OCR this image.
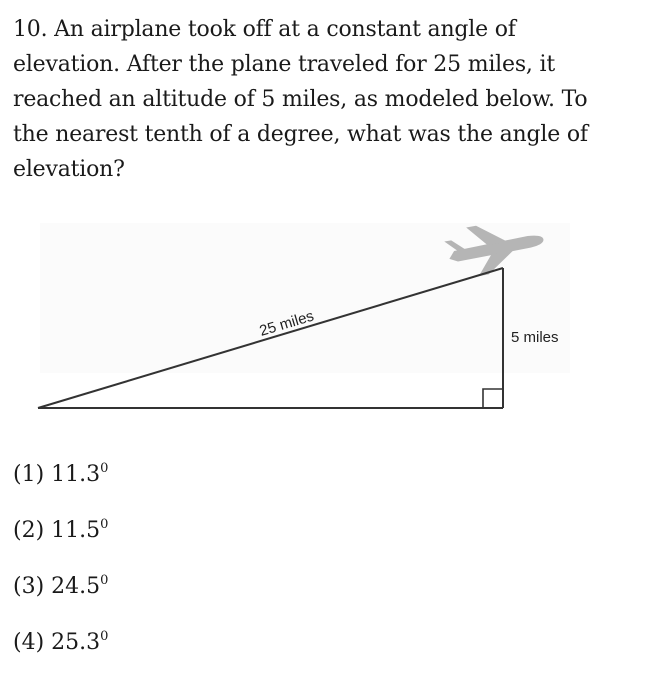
10. An airplane took off at a constant angle of
elevation. After the plane traveled for 25 miles, it
reached an altitude of 5 miles, as modeled below. To
the nearest tenth of a degree, what was the angle of
elevation?
25 miles	5 miles
(1) 11.3$^0$
(2) 11.5$^0$
(3) 24.5$^0$
(4) 25.3$^0$
